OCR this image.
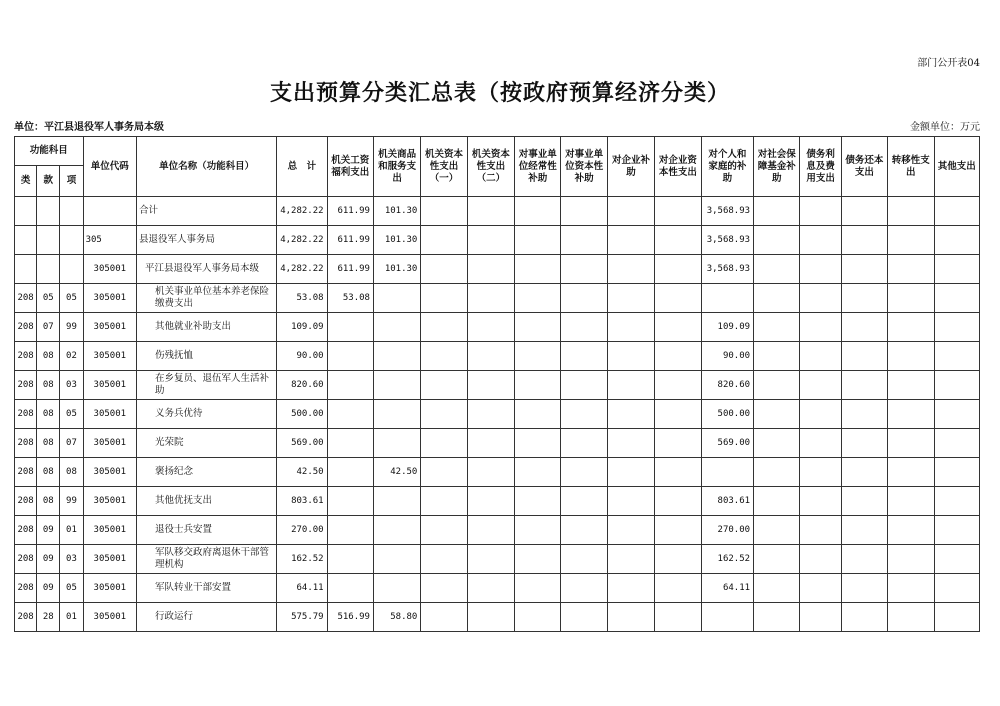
部门公开表04
支出预算分类汇总表（按政府预算经济分类）
单位：平江县退役军人事务局本级	金额单位：万元
功能科目			单位代码	单位名称（功能科目）	总　计	机关工资福利支出	机关商品和服务支出	机关资本性支出（一）	机关资本性支出（二）	对事业单位经常性补助	对事业单位资本性补助	对企业补助	对企业资本性支出	对个人和家庭的补助	对社会保障基金补助	债务利息及费用支出	债务还本支出	转移性支出	其他支出
类	款	项																	
				合计	4,282.22	611.99	101.30							3,568.93					
			305	县退役军人事务局	4,282.22	611.99	101.30							3,568.93					
			305001	平江县退役军人事务局本级	4,282.22	611.99	101.30							3,568.93					
208	05	05	305001	机关事业单位基本养老保险缴费支出	53.08	53.08													
208	07	99	305001	其他就业补助支出	109.09									109.09					
208	08	02	305001	伤残抚恤	90.00									90.00					
208	08	03	305001	在乡复员、退伍军人生活补助	820.60									820.60					
208	08	05	305001	义务兵优待	500.00									500.00					
208	08	07	305001	光荣院	569.00									569.00					
208	08	08	305001	褒扬纪念	42.50		42.50												
208	08	99	305001	其他优抚支出	803.61									803.61					
208	09	01	305001	退役士兵安置	270.00									270.00					
208	09	03	305001	军队移交政府离退休干部管理机构	162.52									162.52					
208	09	05	305001	军队转业干部安置	64.11									64.11					
208	28	01	305001	行政运行	575.79	516.99	58.80												
